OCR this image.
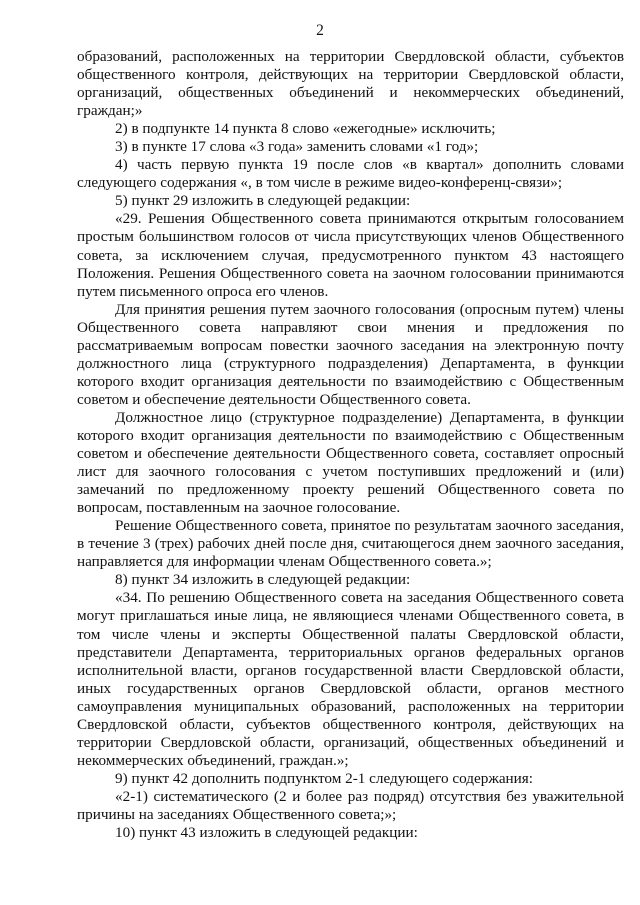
2

образований, расположенных на территории Свердловской области, субъектов общественного контроля, действующих на территории Свердловской области, организаций, общественных объединений и некоммерческих объединений, граждан;»

2) в подпункте 14 пункта 8 слово «ежегодные» исключить;

3) в пункте 17 слова «3 года» заменить словами «1 год»;

4) часть первую пункта 19 после слов «в квартал» дополнить словами следующего содержания «, в том числе в режиме видео-конференц-связи»;

5) пункт 29 изложить в следующей редакции:

«29. Решения Общественного совета принимаются открытым голосованием простым большинством голосов от числа присутствующих членов Общественного совета, за исключением случая, предусмотренного пунктом 43 настоящего Положения. Решения Общественного совета на заочном голосовании принимаются путем письменного опроса его членов.

Для принятия решения путем заочного голосования (опросным путем) члены Общественного совета направляют свои мнения и предложения по рассматриваемым вопросам повестки заочного заседания на электронную почту должностного лица (структурного подразделения) Департамента, в функции которого входит организация деятельности по взаимодействию с Общественным советом и обеспечение деятельности Общественного совета.

Должностное лицо (структурное подразделение) Департамента, в функции которого входит организация деятельности по взаимодействию с Общественным советом и обеспечение деятельности Общественного совета, составляет опросный лист для заочного голосования с учетом поступивших предложений и (или) замечаний по предложенному проекту решений Общественного совета по вопросам, поставленным на заочное голосование.

Решение Общественного совета, принятое по результатам заочного заседания, в течение 3 (трех) рабочих дней после дня, считающегося днем заочного заседания, направляется для информации членам Общественного совета.»;

8) пункт 34 изложить в следующей редакции:

«34. По решению Общественного совета на заседания Общественного совета могут приглашаться иные лица, не являющиеся членами Общественного совета, в том числе члены и эксперты Общественной палаты Свердловской области, представители Департамента, территориальных органов федеральных органов исполнительной власти, органов государственной власти Свердловской области, иных государственных органов Свердловской области, органов местного самоуправления муниципальных образований, расположенных на территории Свердловской области, субъектов общественного контроля, действующих на территории Свердловской области, организаций, общественных объединений и некоммерческих объединений, граждан.»;

9) пункт 42 дополнить подпунктом 2-1 следующего содержания:

«2-1) систематического (2 и более раз подряд) отсутствия без уважительной причины на заседаниях Общественного совета;»;

10) пункт 43 изложить в следующей редакции:
